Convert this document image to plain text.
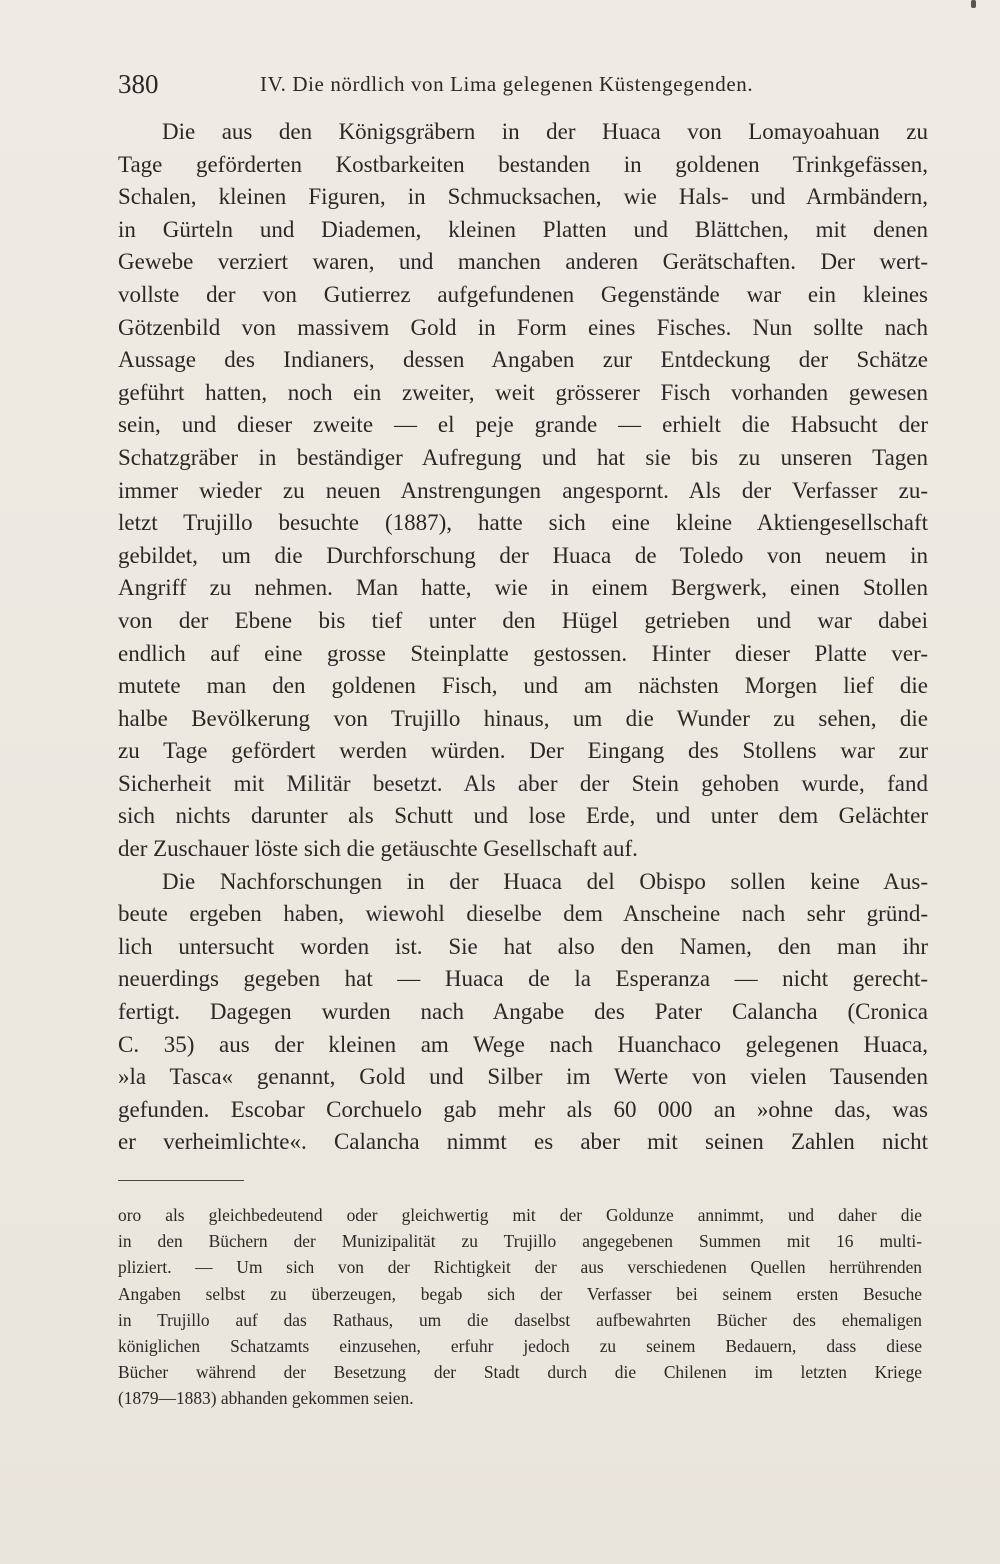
380	IV. Die nördlich von Lima gelegenen Küstengegenden.
Die aus den Königsgräbern in der Huaca von Lomayoahuan zu
Tage geförderten Kostbarkeiten bestanden in goldenen Trinkgefässen,
Schalen, kleinen Figuren, in Schmucksachen, wie Hals- und Armbändern,
in Gürteln und Diademen, kleinen Platten und Blättchen, mit denen
Gewebe verziert waren, und manchen anderen Gerätschaften. Der wert-
vollste der von Gutierrez aufgefundenen Gegenstände war ein kleines
Götzenbild von massivem Gold in Form eines Fisches. Nun sollte nach
Aussage des Indianers, dessen Angaben zur Entdeckung der Schätze
geführt hatten, noch ein zweiter, weit grösserer Fisch vorhanden gewesen
sein, und dieser zweite — el peje grande — erhielt die Habsucht der
Schatzgräber in beständiger Aufregung und hat sie bis zu unseren Tagen
immer wieder zu neuen Anstrengungen angespornt. Als der Verfasser zu-
letzt Trujillo besuchte (1887), hatte sich eine kleine Aktiengesellschaft
gebildet, um die Durchforschung der Huaca de Toledo von neuem in
Angriff zu nehmen. Man hatte, wie in einem Bergwerk, einen Stollen
von der Ebene bis tief unter den Hügel getrieben und war dabei
endlich auf eine grosse Steinplatte gestossen. Hinter dieser Platte ver-
mutete man den goldenen Fisch, und am nächsten Morgen lief die
halbe Bevölkerung von Trujillo hinaus, um die Wunder zu sehen, die
zu Tage gefördert werden würden. Der Eingang des Stollens war zur
Sicherheit mit Militär besetzt. Als aber der Stein gehoben wurde, fand
sich nichts darunter als Schutt und lose Erde, und unter dem Gelächter
der Zuschauer löste sich die getäuschte Gesellschaft auf.
Die Nachforschungen in der Huaca del Obispo sollen keine Aus-
beute ergeben haben, wiewohl dieselbe dem Anscheine nach sehr gründ-
lich untersucht worden ist. Sie hat also den Namen, den man ihr
neuerdings gegeben hat — Huaca de la Esperanza — nicht gerecht-
fertigt. Dagegen wurden nach Angabe des Pater Calancha (Cronica
C. 35) aus der kleinen am Wege nach Huanchaco gelegenen Huaca,
»la Tasca« genannt, Gold und Silber im Werte von vielen Tausenden
gefunden. Escobar Corchuelo gab mehr als 60 000 an »ohne das, was
er verheimlichte«. Calancha nimmt es aber mit seinen Zahlen nicht
oro als gleichbedeutend oder gleichwertig mit der Goldunze annimmt, und daher die
in den Büchern der Munizipalität zu Trujillo angegebenen Summen mit 16 multi-
pliziert. — Um sich von der Richtigkeit der aus verschiedenen Quellen herrührenden
Angaben selbst zu überzeugen, begab sich der Verfasser bei seinem ersten Besuche
in Trujillo auf das Rathaus, um die daselbst aufbewahrten Bücher des ehemaligen
königlichen Schatzamts einzusehen, erfuhr jedoch zu seinem Bedauern, dass diese
Bücher während der Besetzung der Stadt durch die Chilenen im letzten Kriege
(1879—1883) abhanden gekommen seien.
